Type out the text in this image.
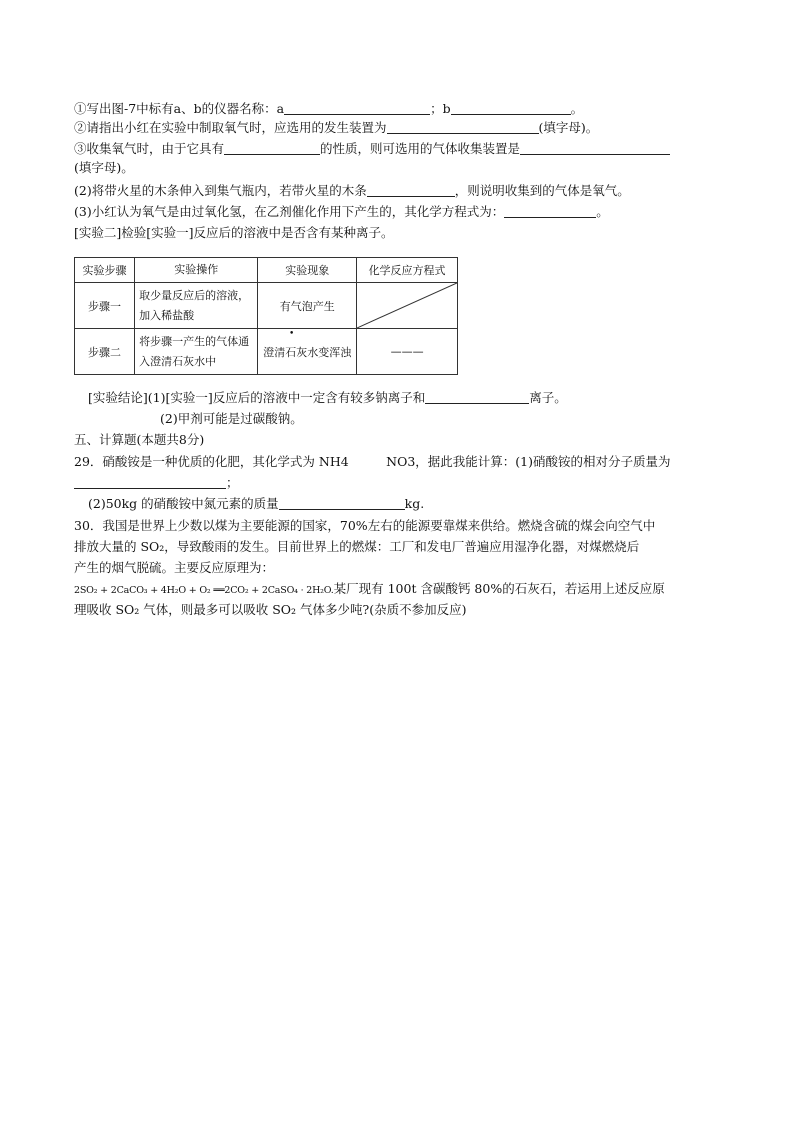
①写出图-7中标有a、b的仪器名称：a	；b	。
②请指出小红在实验中制取氧气时，应选用的发生装置为	(填字母)。
③收集氧气时，由于它具有	的性质，则可选用的气体收集装置是
(填字母)。
(2)将带火星的木条伸入到集气瓶内，若带火星的木条	，则说明收集到的气体是氧气。
(3)小红认为氧气是由过氧化氢，在乙剂催化作用下产生的，其化学方程式为：	。
[实验二]检验[实验一]反应后的溶液中是否含有某种离子。
实验步骤	实验操作	实验现象	化学反应方程式
步骤一	取少量反应后的溶液，加入稀盐酸	有气泡产生	

步骤二	将步骤一产生的气体通入澄清石灰水中	澄清石灰水变浑浊	———
•
[实验结论](1)[实验一]反应后的溶液中一定含有较多钠离子和	离子。
(2)甲剂可能是过碳酸钠。
五、计算题(本题共8分)
29．硝酸铵是一种优质的化肥，其化学式为 NH4　　　NO3，据此我能计算：(1)硝酸铵的相对分子质量为
；
(2)50kg 的硝酸铵中氮元素的质量	kg.
30．我国是世界上少数以煤为主要能源的国家，70%左右的能源要靠煤来供给。燃烧含硫的煤会向空气中
排放大量的 SO₂，导致酸雨的发生。目前世界上的燃煤：工厂和发电厂普遍应用湿净化器，对煤燃烧后
产生的烟气脱硫。主要反应原理为：
2SO₂ + 2CaCO₃ + 4H₂O + O₂ ══2CO₂ + 2CaSO₄ · 2H₂O.某厂现有 100t 含碳酸钙 80%的石灰石，若运用上述反应原
理吸收 SO₂ 气体，则最多可以吸收 SO₂ 气体多少吨?(杂质不参加反应)
